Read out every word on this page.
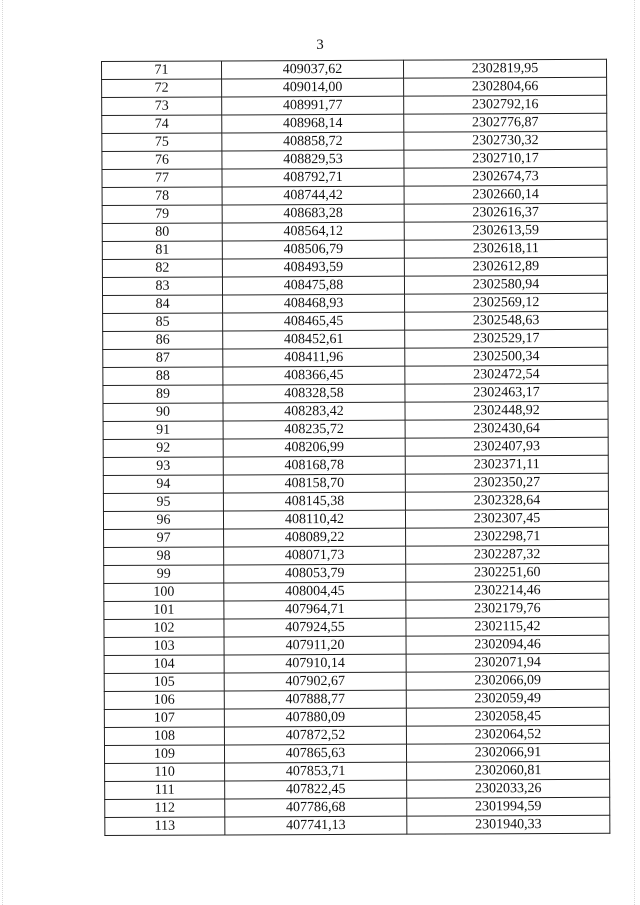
3
71	409037,62	2302819,95
72	409014,00	2302804,66
73	408991,77	2302792,16
74	408968,14	2302776,87
75	408858,72	2302730,32
76	408829,53	2302710,17
77	408792,71	2302674,73
78	408744,42	2302660,14
79	408683,28	2302616,37
80	408564,12	2302613,59
81	408506,79	2302618,11
82	408493,59	2302612,89
83	408475,88	2302580,94
84	408468,93	2302569,12
85	408465,45	2302548,63
86	408452,61	2302529,17
87	408411,96	2302500,34
88	408366,45	2302472,54
89	408328,58	2302463,17
90	408283,42	2302448,92
91	408235,72	2302430,64
92	408206,99	2302407,93
93	408168,78	2302371,11
94	408158,70	2302350,27
95	408145,38	2302328,64
96	408110,42	2302307,45
97	408089,22	2302298,71
98	408071,73	2302287,32
99	408053,79	2302251,60
100	408004,45	2302214,46
101	407964,71	2302179,76
102	407924,55	2302115,42
103	407911,20	2302094,46
104	407910,14	2302071,94
105	407902,67	2302066,09
106	407888,77	2302059,49
107	407880,09	2302058,45
108	407872,52	2302064,52
109	407865,63	2302066,91
110	407853,71	2302060,81
111	407822,45	2302033,26
112	407786,68	2301994,59
113	407741,13	2301940,33
